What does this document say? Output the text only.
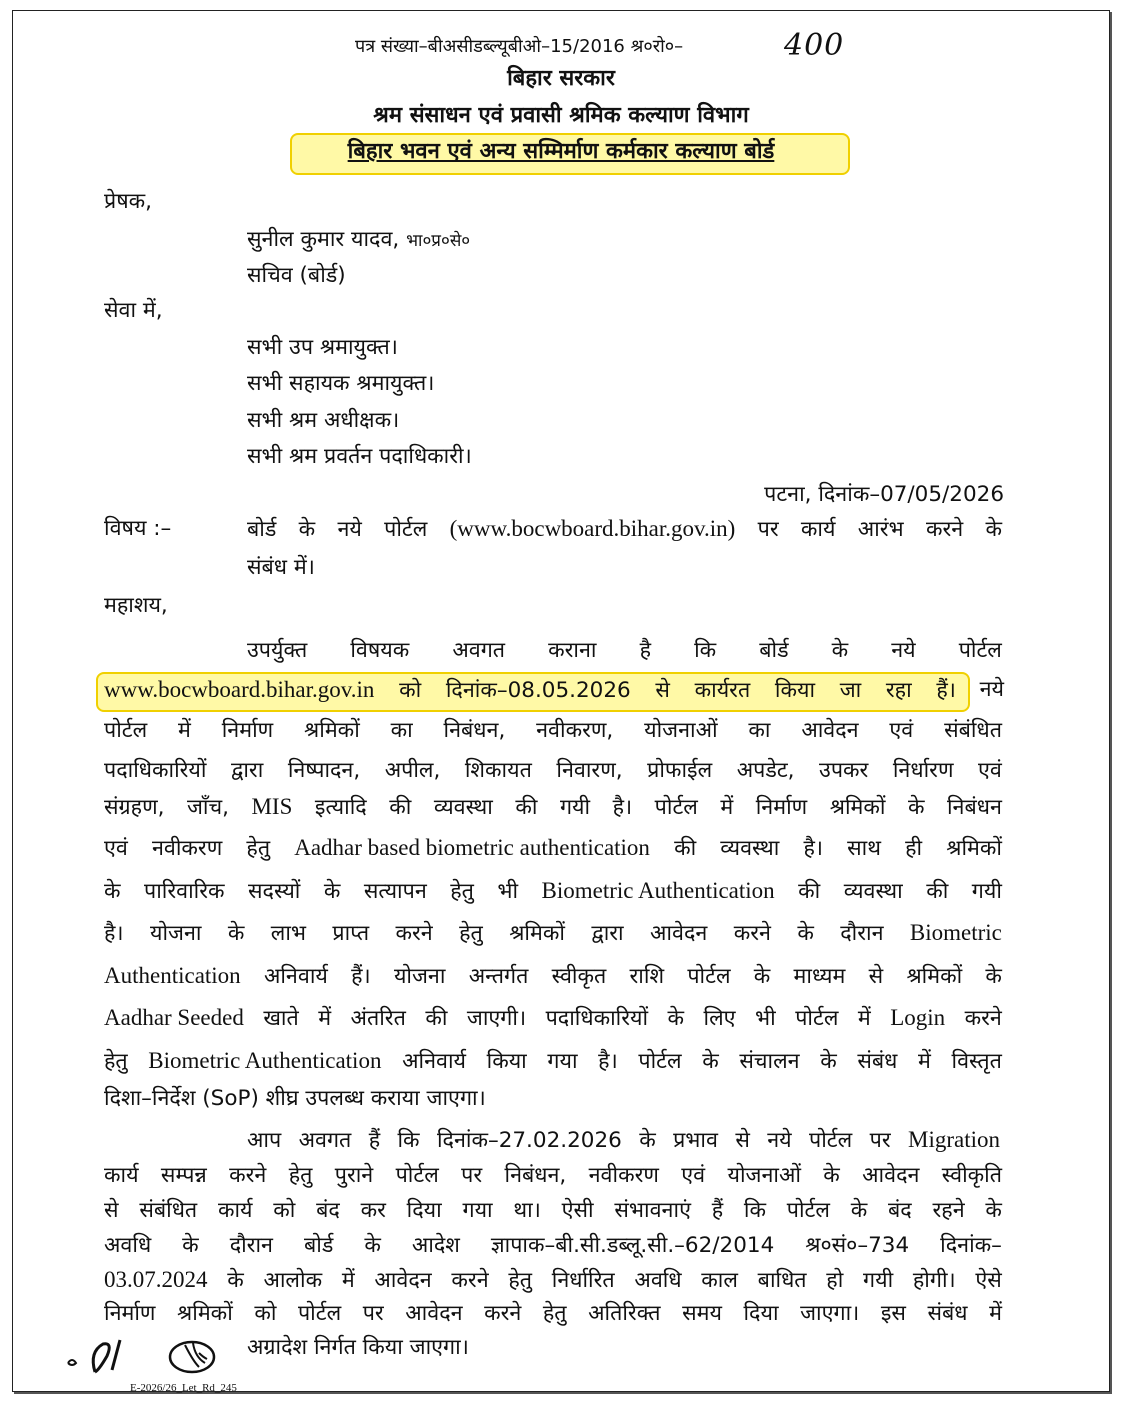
पत्र संख्या–बीअसीडब्ल्यूबीओ–15/2016 श्र०रो०–	400
बिहार सरकार
श्रम संसाधन एवं प्रवासी श्रमिक कल्याण विभाग
बिहार भवन एवं अन्य सम्मिर्माण कर्मकार कल्याण बोर्ड
प्रेषक,
सुनील कुमार यादव, भा०प्र०से०
सचिव (बोर्ड)
सेवा में,
सभी उप श्रमायुक्त।
सभी सहायक श्रमायुक्त।
सभी श्रम अधीक्षक।
सभी श्रम प्रवर्तन पदाधिकारी।
पटना, दिनांक–07/05/2026
विषय :–	बोर्ड के नये पोर्टल (www.bocwboard.bihar.gov.in) पर कार्य आरंभ करने के
संबंध में।
महाशय,
उपर्युक्त विषयक अवगत कराना है कि बोर्ड के नये पोर्टल
www.bocwboard.bihar.gov.in को दिनांक–08.05.2026 से कार्यरत किया जा रहा हैं। नये
पोर्टल में निर्माण श्रमिकों का निबंधन, नवीकरण, योजनाओं का आवेदन एवं संबंधित
पदाधिकारियों द्वारा निष्पादन, अपील, शिकायत निवारण, प्रोफाईल अपडेट, उपकर निर्धारण एवं
संग्रहण, जाँच, MIS इत्यादि की व्यवस्था की गयी है। पोर्टल में निर्माण श्रमिकों के निबंधन
एवं नवीकरण हेतु Aadhar based biometric authentication की व्यवस्था है। साथ ही श्रमिकों
के पारिवारिक सदस्यों के सत्यापन हेतु भी Biometric Authentication की व्यवस्था की गयी
है। योजना के लाभ प्राप्त करने हेतु श्रमिकों द्वारा आवेदन करने के दौरान Biometric
Authentication अनिवार्य हैं। योजना अन्तर्गत स्वीकृत राशि पोर्टल के माध्यम से श्रमिकों के
Aadhar Seeded खाते में अंतरित की जाएगी। पदाधिकारियों के लिए भी पोर्टल में Login करने
हेतु Biometric Authentication अनिवार्य किया गया है। पोर्टल के संचालन के संबंध में विस्तृत
दिशा–निर्देश (SoP) शीघ्र उपलब्ध कराया जाएगा।
आप अवगत हैं कि दिनांक–27.02.2026 के प्रभाव से नये पोर्टल पर Migration
कार्य सम्पन्न करने हेतु पुराने पोर्टल पर निबंधन, नवीकरण एवं योजनाओं के आवेदन स्वीकृति
से संबंधित कार्य को बंद कर दिया गया था। ऐसी संभावनाएं हैं कि पोर्टल के बंद रहने के
अवधि के दौरान बोर्ड के आदेश ज्ञापाक–बी.सी.डब्लू.सी.–62/2014 श्र०सं०–734 दिनांक–
03.07.2024 के आलोक में आवेदन करने हेतु निर्धारित अवधि काल बाधित हो गयी होगी। ऐसे
निर्माण श्रमिकों को पोर्टल पर आवेदन करने हेतु अतिरिक्त समय दिया जाएगा। इस संबंध में
अग्रादेश निर्गत किया जाएगा।
E-2026/26_Let_Rd_245
